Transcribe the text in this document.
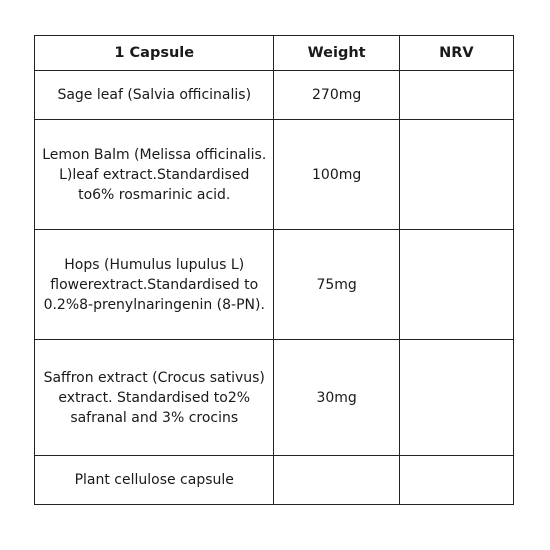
1 Capsule	Weight	NRV
Sage leaf (Salvia officinalis)	270mg	

Lemon Balm (Melissa officinalis.
L)leaf extract.Standardised
to6% rosmarinic acid.	100mg	

Hops (Humulus lupulus L)
flowerextract.Standardised to
0.2%8-prenylnaringenin (8-PN).	75mg	

Saffron extract (Crocus sativus)
extract. Standardised to2%
safranal and 3% crocins	30mg	
Plant cellulose capsule		
